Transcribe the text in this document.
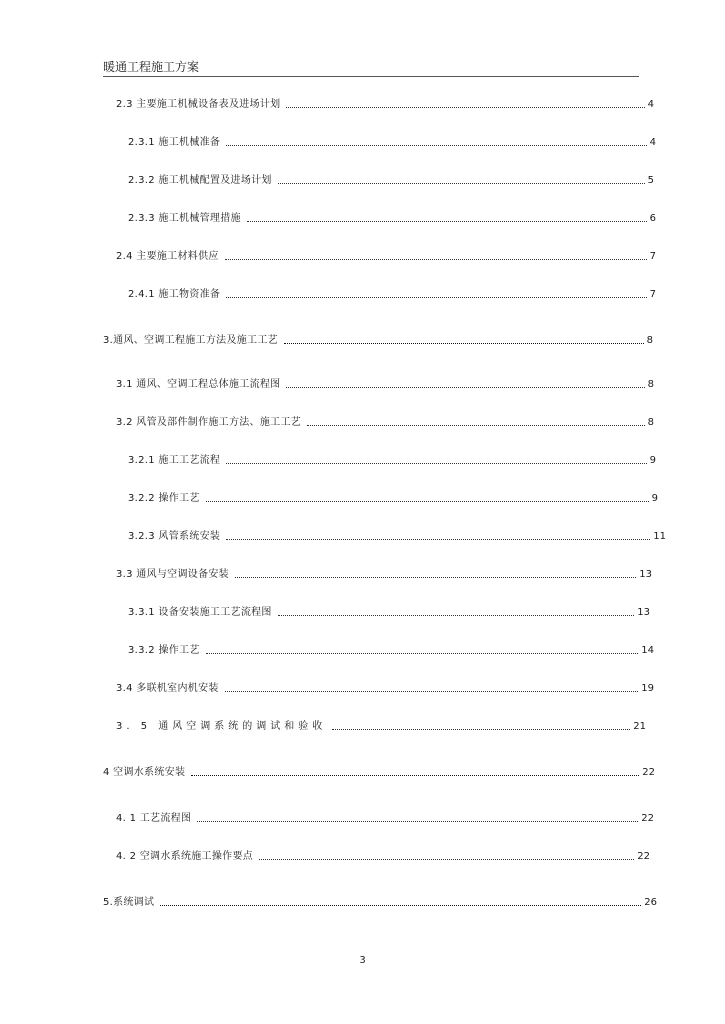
暖通工程施工方案
2.3 主要施工机械设备表及进场计划	4
2.3.1 施工机械准备	4
2.3.2 施工机械配置及进场计划	5
2.3.3 施工机械管理措施	6
2.4 主要施工材料供应	7
2.4.1 施工物资准备	7
3.通风、空调工程施工方法及施工工艺	8
3.1 通风、空调工程总体施工流程图	8
3.2 风管及部件制作施工方法、施工工艺	8
3.2.1 施工工艺流程	9
3.2.2 操作工艺	9
3.2.3 风管系统安装	11
3.3 通风与空调设备安装	13
3.3.1 设备安装施工工艺流程图	13
3.3.2 操作工艺	14
3.4 多联机室内机安装	19
3. 5 通风空调系统的调试和验收	21
4 空调水系统安装	22
4. 1 工艺流程图	22
4. 2 空调水系统施工操作要点	22
5.系统调试	26
3
